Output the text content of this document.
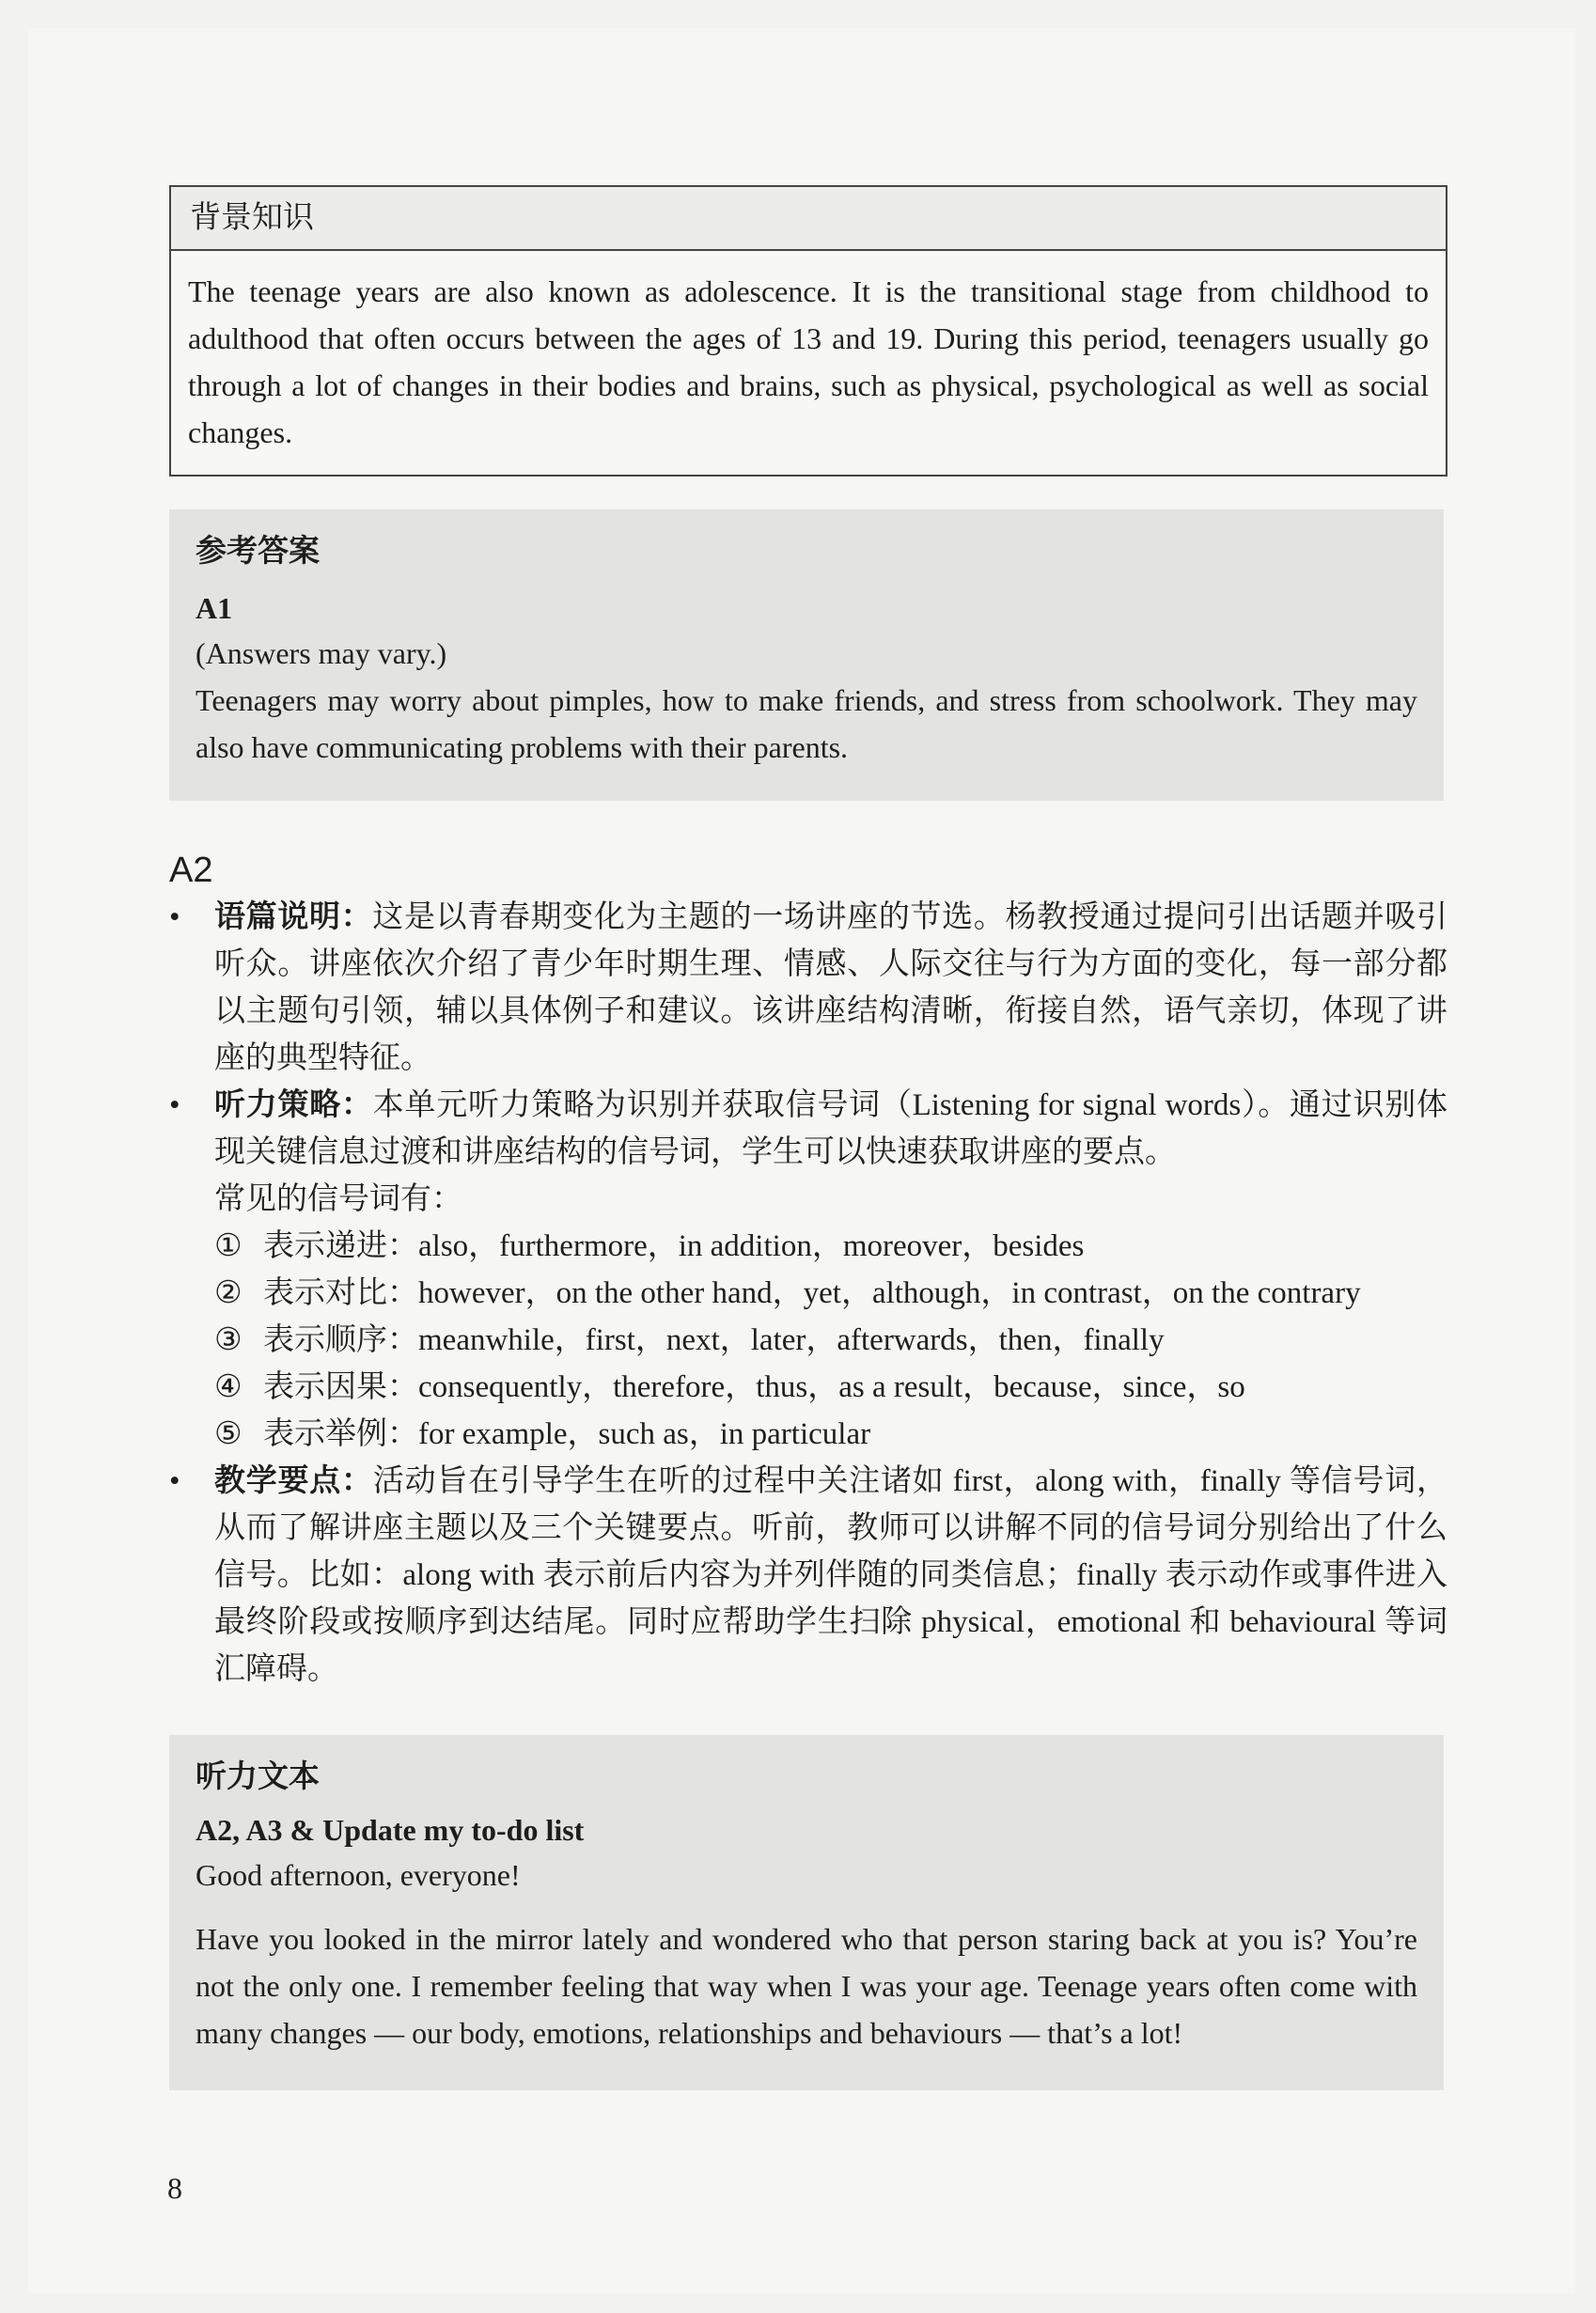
背景知识
The teenage years are also known as adolescence. It is the transitional stage from childhood to adulthood that often occurs between the ages of 13 and 19. During this period, teenagers usually go through a lot of changes in their bodies and brains, such as physical, psychological as well as social changes.
参考答案
A1

(Answers may vary.)

Teenagers may worry about pimples, how to make friends, and stress from schoolwork. They may also have communicating problems with their parents.

A2
•	语篇说明：这是以青春期变化为主题的一场讲座的节选。杨教授通过提问引出话题并吸引听众。讲座依次介绍了青少年时期生理、情感、人际交往与行为方面的变化，每一部分都以主题句引领，辅以具体例子和建议。该讲座结构清晰，衔接自然，语气亲切，体现了讲座的典型特征。
•	听力策略：本单元听力策略为识别并获取信号词（Listening for signal words）。通过识别体现关键信息过渡和讲座结构的信号词，学生可以快速获取讲座的要点。
常见的信号词有：
① 表示递进：also，furthermore，in addition，moreover，besides
② 表示对比：however，on the other hand，yet，although，in contrast，on the contrary
③ 表示顺序：meanwhile，first，next，later，afterwards，then，finally
④ 表示因果：consequently，therefore，thus，as a result，because，since，so
⑤ 表示举例：for example，such as，in particular
•	教学要点：活动旨在引导学生在听的过程中关注诸如 first，along with，finally 等信号词，从而了解讲座主题以及三个关键要点。听前，教师可以讲解不同的信号词分别给出了什么信号。比如：along with 表示前后内容为并列伴随的同类信息；finally 表示动作或事件进入最终阶段或按顺序到达结尾。同时应帮助学生扫除 physical，emotional 和 behavioural 等词汇障碍。
听力文本
A2, A3 & Update my to-do list

Good afternoon, everyone!

Have you looked in the mirror lately and wondered who that person staring back at you is? You’re not the only one. I remember feeling that way when I was your age. Teenage years often come with many changes — our body, emotions, relationships and behaviours — that’s a lot!

8
